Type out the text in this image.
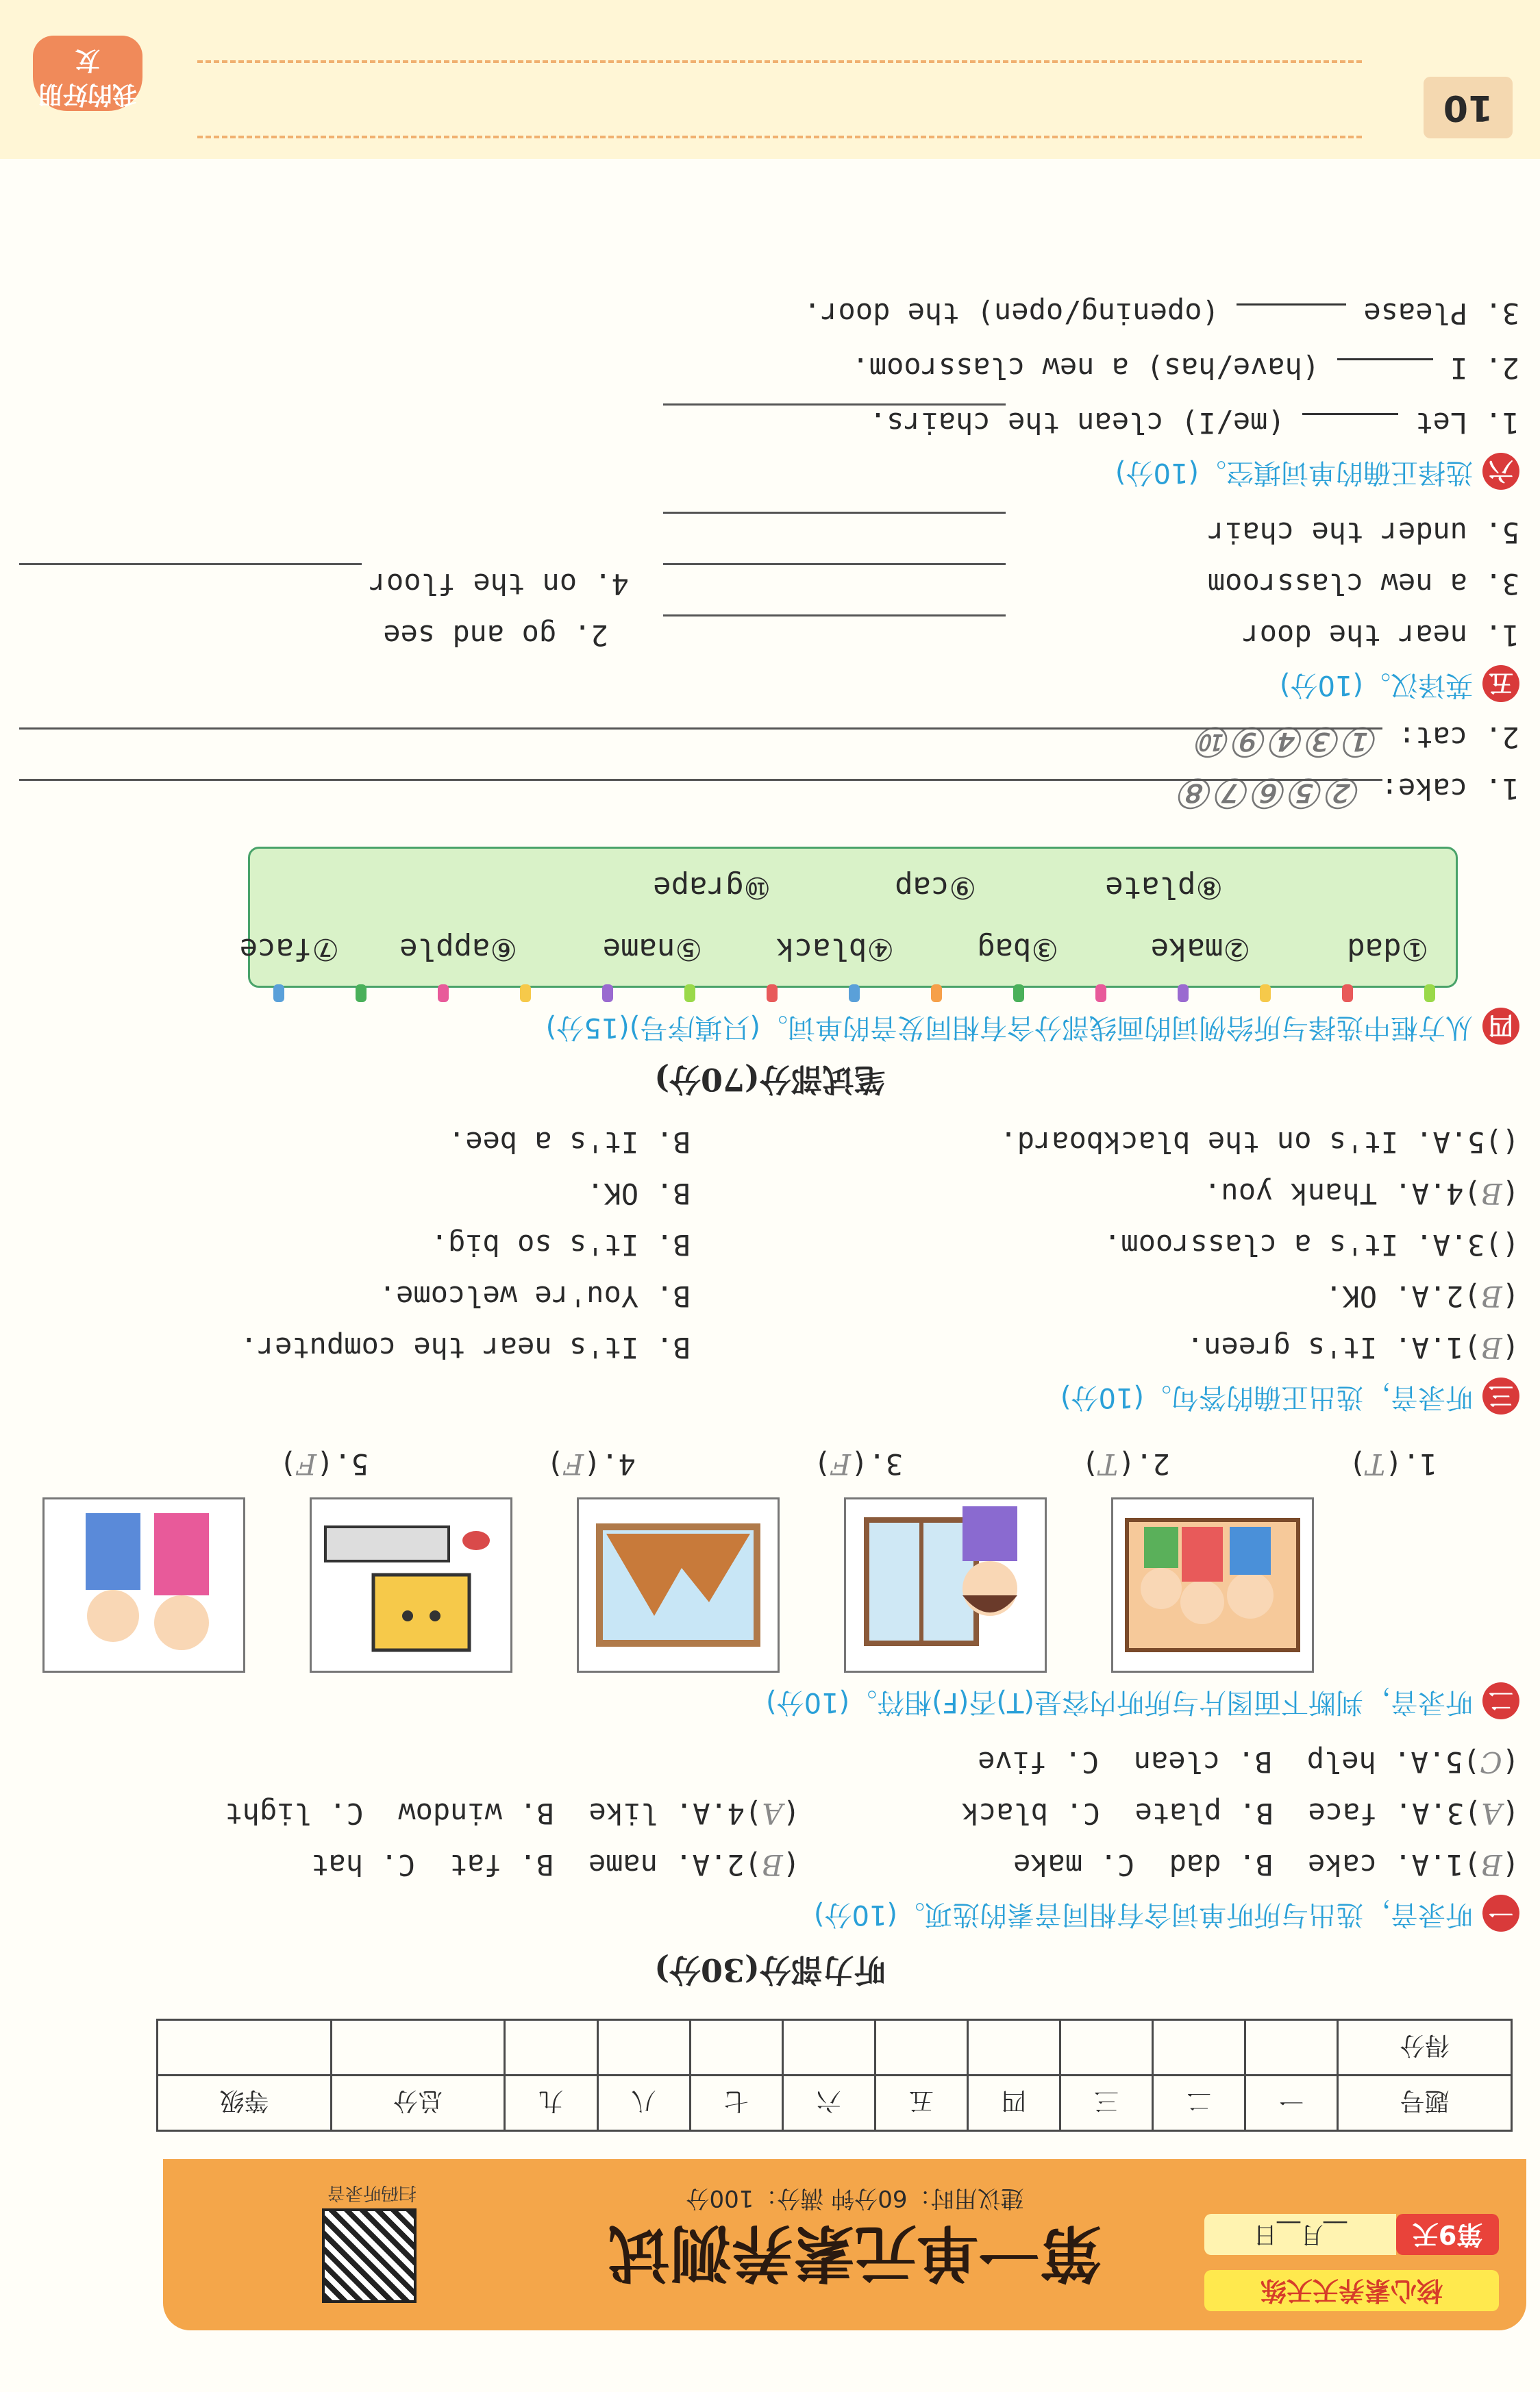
核心素养天天练
第9天
__月__日
第一单元素养测试
建议用时：60分钟 满分：100分
扫码听录音
题号	一	二	三	四	五	六	七	八	九	总分	等级
得分											
听力部分(30分)
一听录音，选出与所听单词含有相同音素的选项。(10分)
(B)1.A. cake  B. dad  C. make
(B)2.A. name  B. fat  C. hat
(A)3.A. face  B. plate  C. black
(A)4.A. like  B. window  C. light
(C)5.A. help  B. clean  C. five
二听录音，判断下面图片与所听内容是(T)否(F)相符。(10分)
1.(T)
2.(T)
3.(F)
4.(F)
5.(F)
三听录音，选出正确的答句。(10分)
(B)1.A. It's green.
B. It's near the computer.
(B)2.A. OK.
B. You're welcome.
()3.A. It's a classroom.
B. It's so big.
(B)4.A. Thank you.
B. OK.
()5.A. It's on the blackboard.
B. It's a bee.
笔试部分(70分)
四从方框中选择与所给例词的画线部分含有相同发音的单词。(只填序号)(15分)
①dad
②make
③bag
④black
⑤name
⑥apple
⑦face
⑧plate
⑨cap
⑩grape
1. cake: ②⑤⑥⑦⑧
2. cat: ①③④⑨⑩
五英译汉。(10分)
1. near the door
2. go and see
3. a new classroom
4. on the floor
5. under the chair
六选择正确的单词填空。(10分)
1. Let  (me/I) clean the chairs.
2. I  (have/has) a new classroom.
3. Please  (opening/open) the door.
10
我的好朋友
